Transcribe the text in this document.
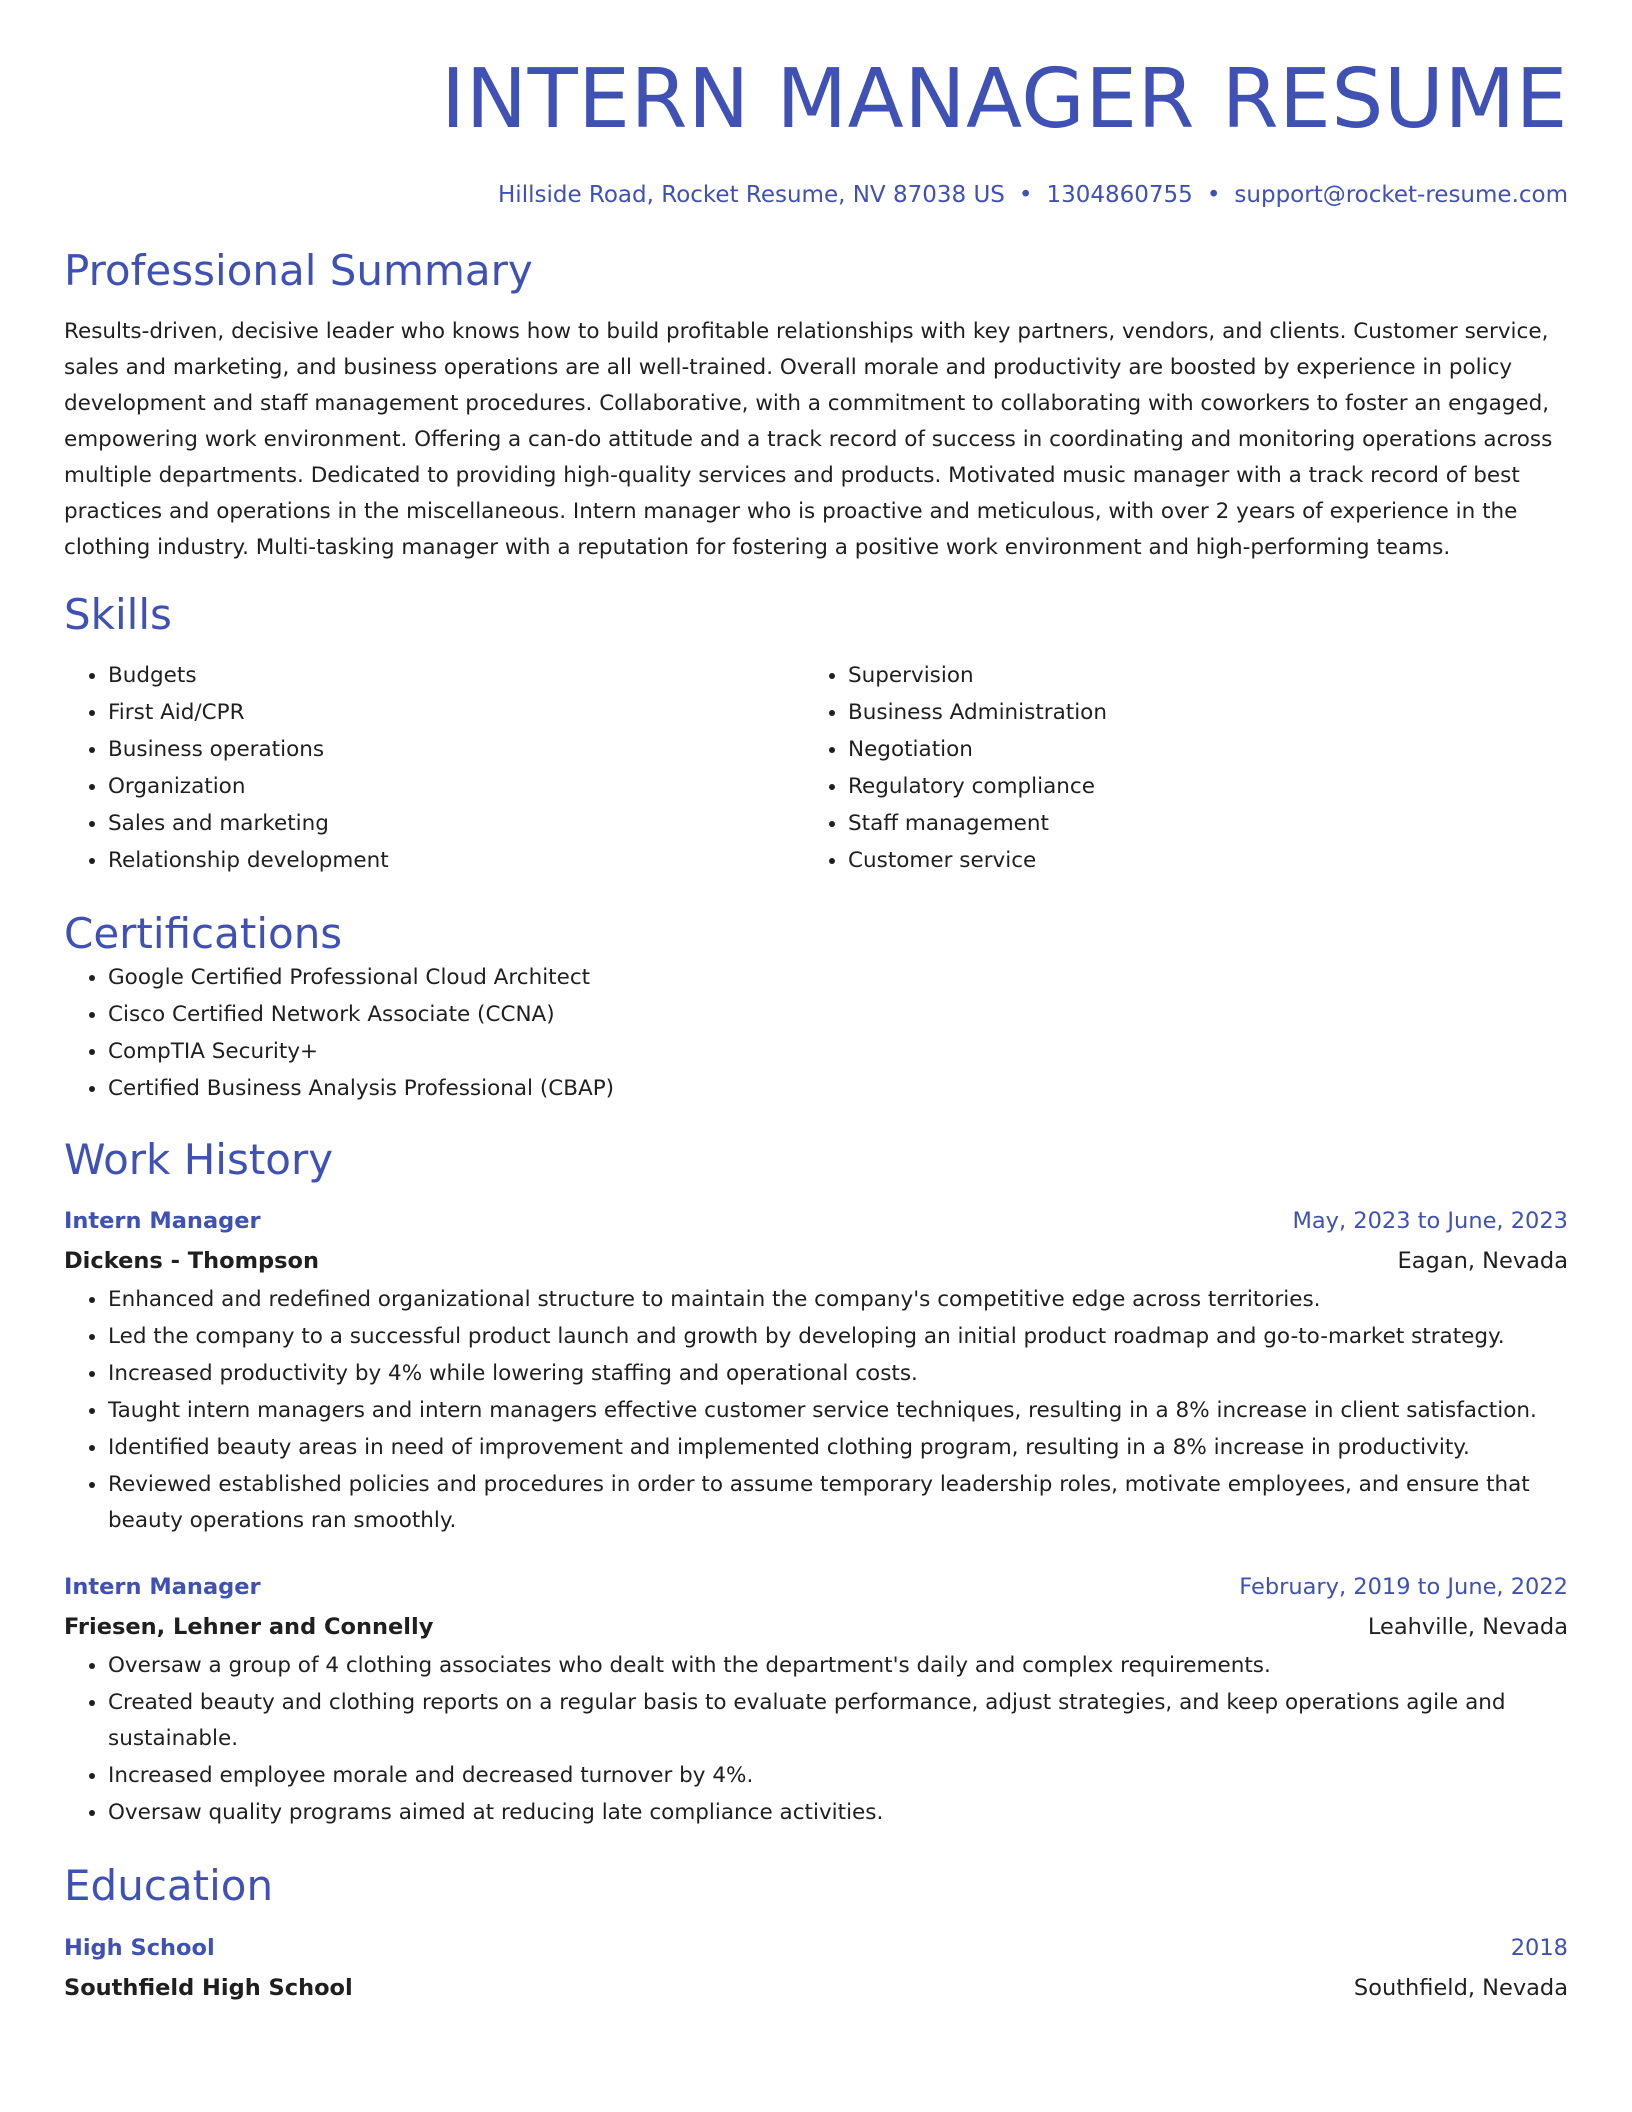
INTERN MANAGER RESUME
Hillside Road, Rocket Resume, NV 87038 US • 1304860755 • support@rocket-resume.com
Professional Summary
Results-driven, decisive leader who knows how to build profitable relationships with key partners, vendors, and clients. Customer service, sales and marketing, and business operations are all well-trained. Overall morale and productivity are boosted by experience in policy development and staff management procedures. Collaborative, with a commitment to collaborating with coworkers to foster an engaged, empowering work environment. Offering a can-do attitude and a track record of success in coordinating and monitoring operations across multiple departments. Dedicated to providing high-quality services and products. Motivated music manager with a track record of best practices and operations in the miscellaneous. Intern manager who is proactive and meticulous, with over 2 years of experience in the clothing industry. Multi-tasking manager with a reputation for fostering a positive work environment and high-performing teams.
Skills
• Budgets
• First Aid/CPR
• Business operations
• Organization
• Sales and marketing
• Relationship development
• Supervision
• Business Administration
• Negotiation
• Regulatory compliance
• Staff management
• Customer service
Certifications
• Google Certified Professional Cloud Architect
• Cisco Certified Network Associate (CCNA)
• CompTIA Security+
• Certified Business Analysis Professional (CBAP)
Work History
Intern Manager	May, 2023 to June, 2023
Dickens - Thompson	Eagan, Nevada
• Enhanced and redefined organizational structure to maintain the company's competitive edge across territories.
• Led the company to a successful product launch and growth by developing an initial product roadmap and go-to-market strategy.
• Increased productivity by 4% while lowering staffing and operational costs.
• Taught intern managers and intern managers effective customer service techniques, resulting in a 8% increase in client satisfaction.
• Identified beauty areas in need of improvement and implemented clothing program, resulting in a 8% increase in productivity.
• Reviewed established policies and procedures in order to assume temporary leadership roles, motivate employees, and ensure that beauty operations ran smoothly.
Intern Manager	February, 2019 to June, 2022
Friesen, Lehner and Connelly	Leahville, Nevada
• Oversaw a group of 4 clothing associates who dealt with the department's daily and complex requirements.
• Created beauty and clothing reports on a regular basis to evaluate performance, adjust strategies, and keep operations agile and sustainable.
• Increased employee morale and decreased turnover by 4%.
• Oversaw quality programs aimed at reducing late compliance activities.
Education
High School	2018
Southfield High School	Southfield, Nevada
